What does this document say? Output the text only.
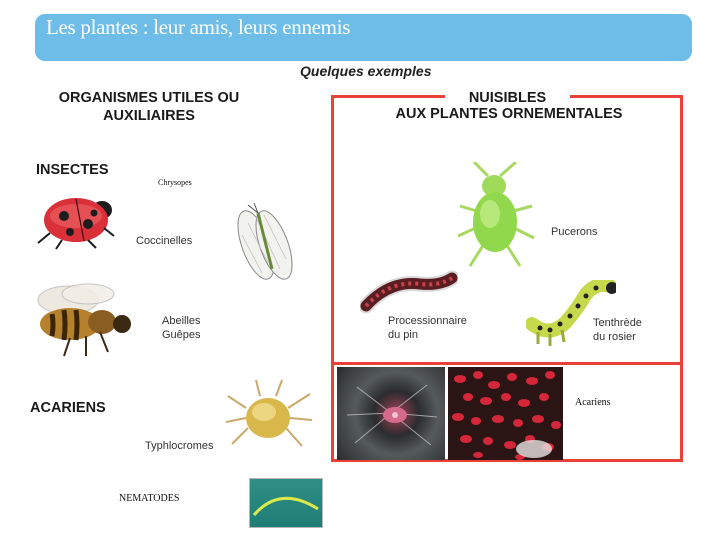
Les plantes : leur amis, leurs ennemis
Quelques exemples
ORGANISMES UTILES OU
AUXILIAIRES
INSECTES
Chrysopes
Coccinelles
Abeilles
Guêpes
ACARIENS
Typhlocromes
NEMATODES
NUISIBLES
AUX PLANTES ORNEMENTALES
Pucerons
Processionnaire
du pin
Tenthrède
du rosier
Acariens
